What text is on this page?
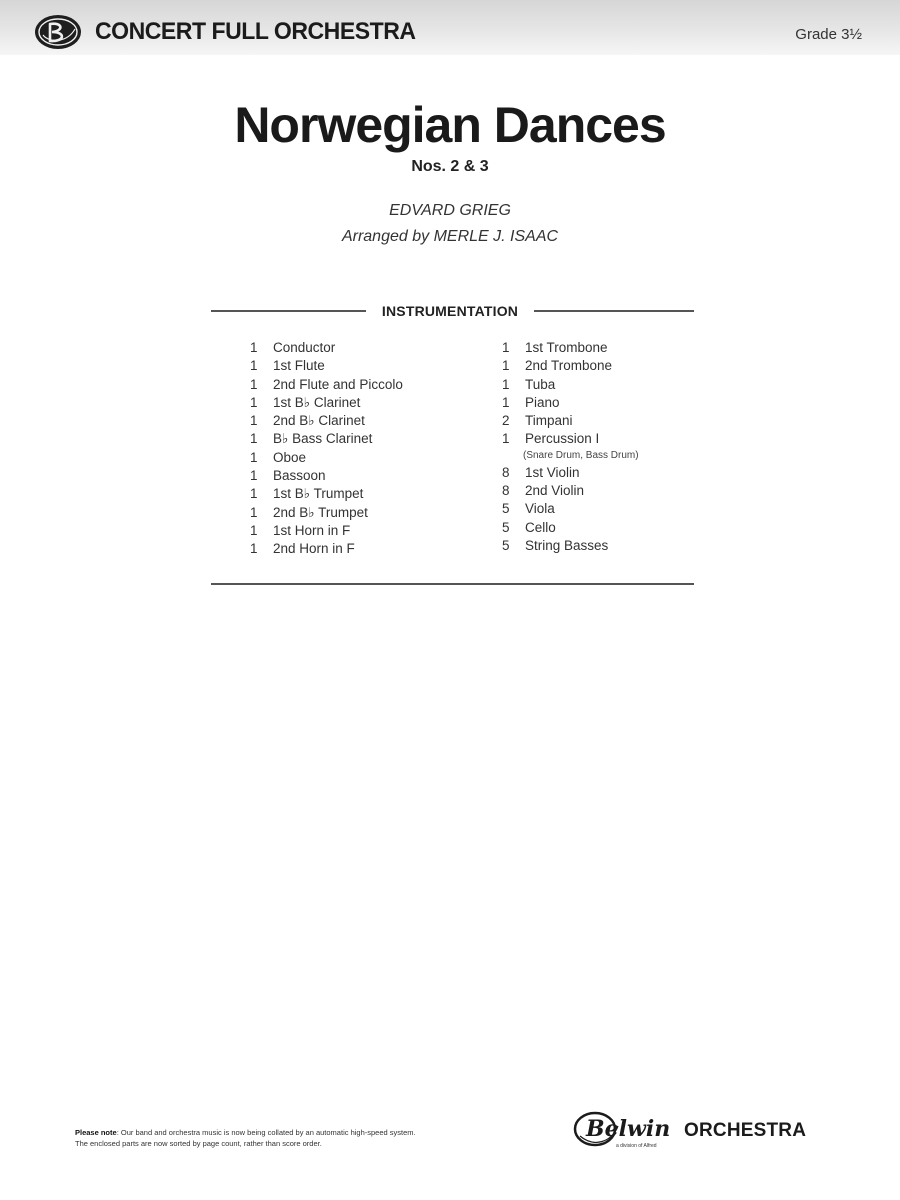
CONCERT FULL ORCHESTRA	Grade 3½
Norwegian Dances
Nos. 2 & 3
EDVARD GRIEG
Arranged by MERLE J. ISAAC
INSTRUMENTATION
1 Conductor
1 1st Flute
1 2nd Flute and Piccolo
1 1st B♭ Clarinet
1 2nd B♭ Clarinet
1 B♭ Bass Clarinet
1 Oboe
1 Bassoon
1 1st B♭ Trumpet
1 2nd B♭ Trumpet
1 1st Horn in F
1 2nd Horn in F
1 1st Trombone
1 2nd Trombone
1 Tuba
1 Piano
2 Timpani
1 Percussion I
(Snare Drum, Bass Drum)
8 1st Violin
8 2nd Violin
5 Viola
5 Cello
5 String Basses
Please note: Our band and orchestra music is now being collated by an automatic high-speed system.
The enclosed parts are now sorted by page count, rather than score order.
Belwin
a division of Alfred
ORCHESTRA
